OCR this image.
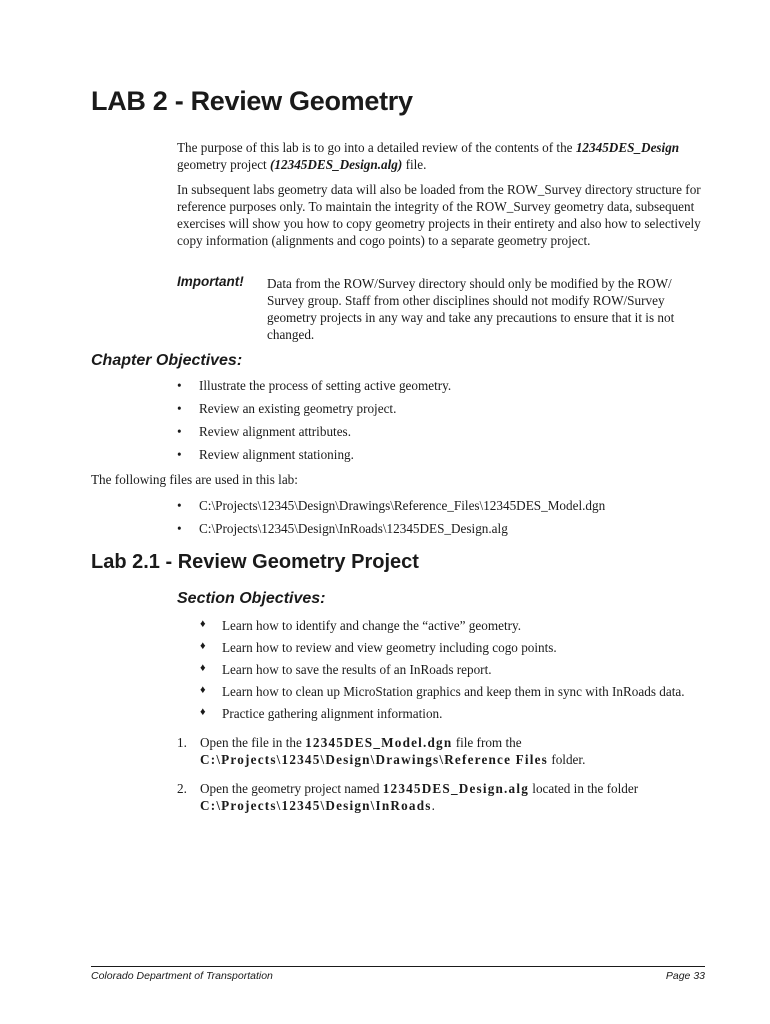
LAB 2 - Review Geometry
The purpose of this lab is to go into a detailed review of the contents of the 12345DES_Design
geometry project (12345DES_Design.alg) file.
In subsequent labs geometry data will also be loaded from the ROW_Survey directory structure for reference purposes only. To maintain the integrity of the ROW_Survey geometry data, subsequent exercises will show you how to copy geometry projects in their entirety and also how to selectively copy information (alignments and cogo points) to a separate geometry project.
Important! Data from the ROW/Survey directory should only be modified by the ROW/ Survey group. Staff from other disciplines should not modify ROW/Survey geometry projects in any way and take any precautions to ensure that it is not changed.
Chapter Objectives:
• Illustrate the process of setting active geometry.
• Review an existing geometry project.
• Review alignment attributes.
• Review alignment stationing.
The following files are used in this lab:
• C:\Projects\12345\Design\Drawings\Reference_Files\12345DES_Model.dgn
• C:\Projects\12345\Design\InRoads\12345DES_Design.alg
Lab 2.1 - Review Geometry Project
Section Objectives:
♦ Learn how to identify and change the “active” geometry.
♦ Learn how to review and view geometry including cogo points.
♦ Learn how to save the results of an InRoads report.
♦ Learn how to clean up MicroStation graphics and keep them in sync with InRoads data.
♦ Practice gathering alignment information.
1. Open the file in the 12345DES_Model.dgn file from the
C:\Projects\12345\Design\Drawings\Reference Files folder.
2. Open the geometry project named 12345DES_Design.alg located in the folder
C:\Projects\12345\Design\InRoads.
Colorado Department of Transportation	Page 33
